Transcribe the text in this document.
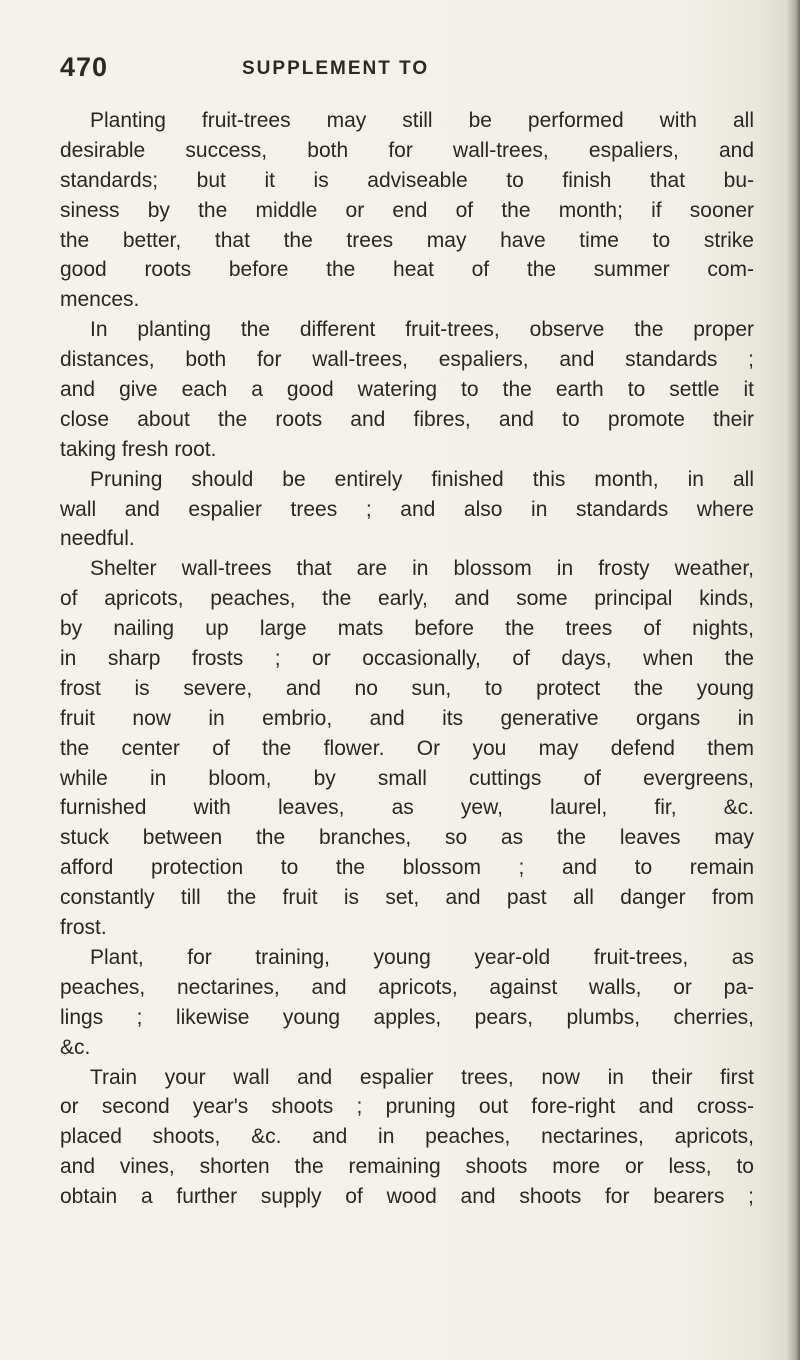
470	SUPPLEMENT TO
Planting fruit-trees may still be performed with all
desirable success, both for wall-trees, espaliers, and
standards; but it is adviseable to finish that bu-
siness by the middle or end of the month; if sooner
the better, that the trees may have time to strike
good roots before the heat of the summer com-
mences.
In planting the different fruit-trees, observe the proper
distances, both for wall-trees, espaliers, and standards ;
and give each a good watering to the earth to settle it
close about the roots and fibres, and to promote their
taking fresh root.
Pruning should be entirely finished this month, in all
wall and espalier trees ; and also in standards where
needful.
Shelter wall-trees that are in blossom in frosty weather,
of apricots, peaches, the early, and some principal kinds,
by nailing up large mats before the trees of nights,
in sharp frosts ; or occasionally, of days, when the
frost is severe, and no sun, to protect the young
fruit now in embrio, and its generative organs in
the center of the flower. Or you may defend them
while in bloom, by small cuttings of evergreens,
furnished with leaves, as yew, laurel, fir, &c.
stuck between the branches, so as the leaves may
afford protection to the blossom ; and to remain
constantly till the fruit is set, and past all danger from
frost.
Plant, for training, young year-old fruit-trees, as
peaches, nectarines, and apricots, against walls, or pa-
lings ; likewise young apples, pears, plumbs, cherries,
&c.
Train your wall and espalier trees, now in their first
or second year's shoots ; pruning out fore-right and cross-
placed shoots, &c. and in peaches, nectarines, apricots,
and vines, shorten the remaining shoots more or less, to
obtain a further supply of wood and shoots for bearers ;
